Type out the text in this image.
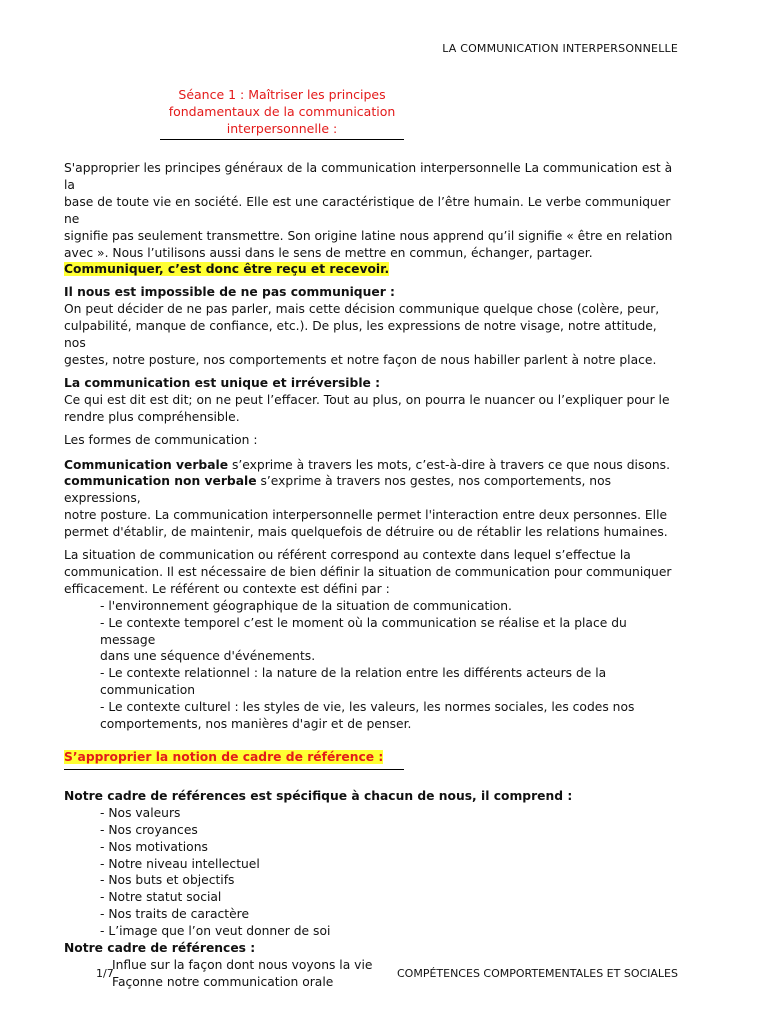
LA COMMUNICATION INTERPERSONNELLE
Séance 1 : Maîtriser les principes
fondamentaux de la communication
interpersonnelle :

S'approprier les principes généraux de la communication interpersonnelle La communication est à la

base de toute vie en société. Elle est une caractéristique de l’être humain. Le verbe communiquer ne

signifie pas seulement transmettre. Son origine latine nous apprend qu’il signifie « être en relation

avec ». Nous l’utilisons aussi dans le sens de mettre en commun, échanger, partager.

Communiquer, c’est donc être reçu et recevoir.

Il nous est impossible de ne pas communiquer :

On peut décider de ne pas parler, mais cette décision communique quelque chose (colère, peur,

culpabilité, manque de confiance, etc.). De plus, les expressions de notre visage, notre attitude, nos

gestes, notre posture, nos comportements et notre façon de nous habiller parlent à notre place.

La communication est unique et irréversible :

Ce qui est dit est dit; on ne peut l’effacer. Tout au plus, on pourra le nuancer ou l’expliquer pour le

rendre plus compréhensible.

Les formes de communication :

Communication verbale s’exprime à travers les mots, c’est-à-dire à travers ce que nous disons.

communication non verbale s’exprime à travers nos gestes, nos comportements, nos expressions,

notre posture. La communication interpersonnelle permet l'interaction entre deux personnes. Elle

permet d'établir, de maintenir, mais quelquefois de détruire ou de rétablir les relations humaines.

La situation de communication ou référent correspond au contexte dans lequel s’effectue la

communication. Il est nécessaire de bien définir la situation de communication pour communiquer

efficacement. Le référent ou contexte est défini par :

- l'environnement géographique de la situation de communication.

- Le contexte temporel c’est le moment où la communication se réalise et la place du message

dans une séquence d'événements.

- Le contexte relationnel : la nature de la relation entre les différents acteurs de la

communication

- Le contexte culturel : les styles de vie, les valeurs, les normes sociales, les codes nos

comportements, nos manières d'agir et de penser.

S’approprier la notion de cadre de référence :

Notre cadre de références est spécifique à chacun de nous, il comprend :

- Nos valeurs

- Nos croyances

- Nos motivations

- Notre niveau intellectuel

- Nos buts et objectifs

- Notre statut social

- Nos traits de caractère

- L’image que l’on veut donner de soi

Notre cadre de références :

Influe sur la façon dont nous voyons la vie

Façonne notre communication orale

1/7	COMPÉTENCES COMPORTEMENTALES ET SOCIALES
